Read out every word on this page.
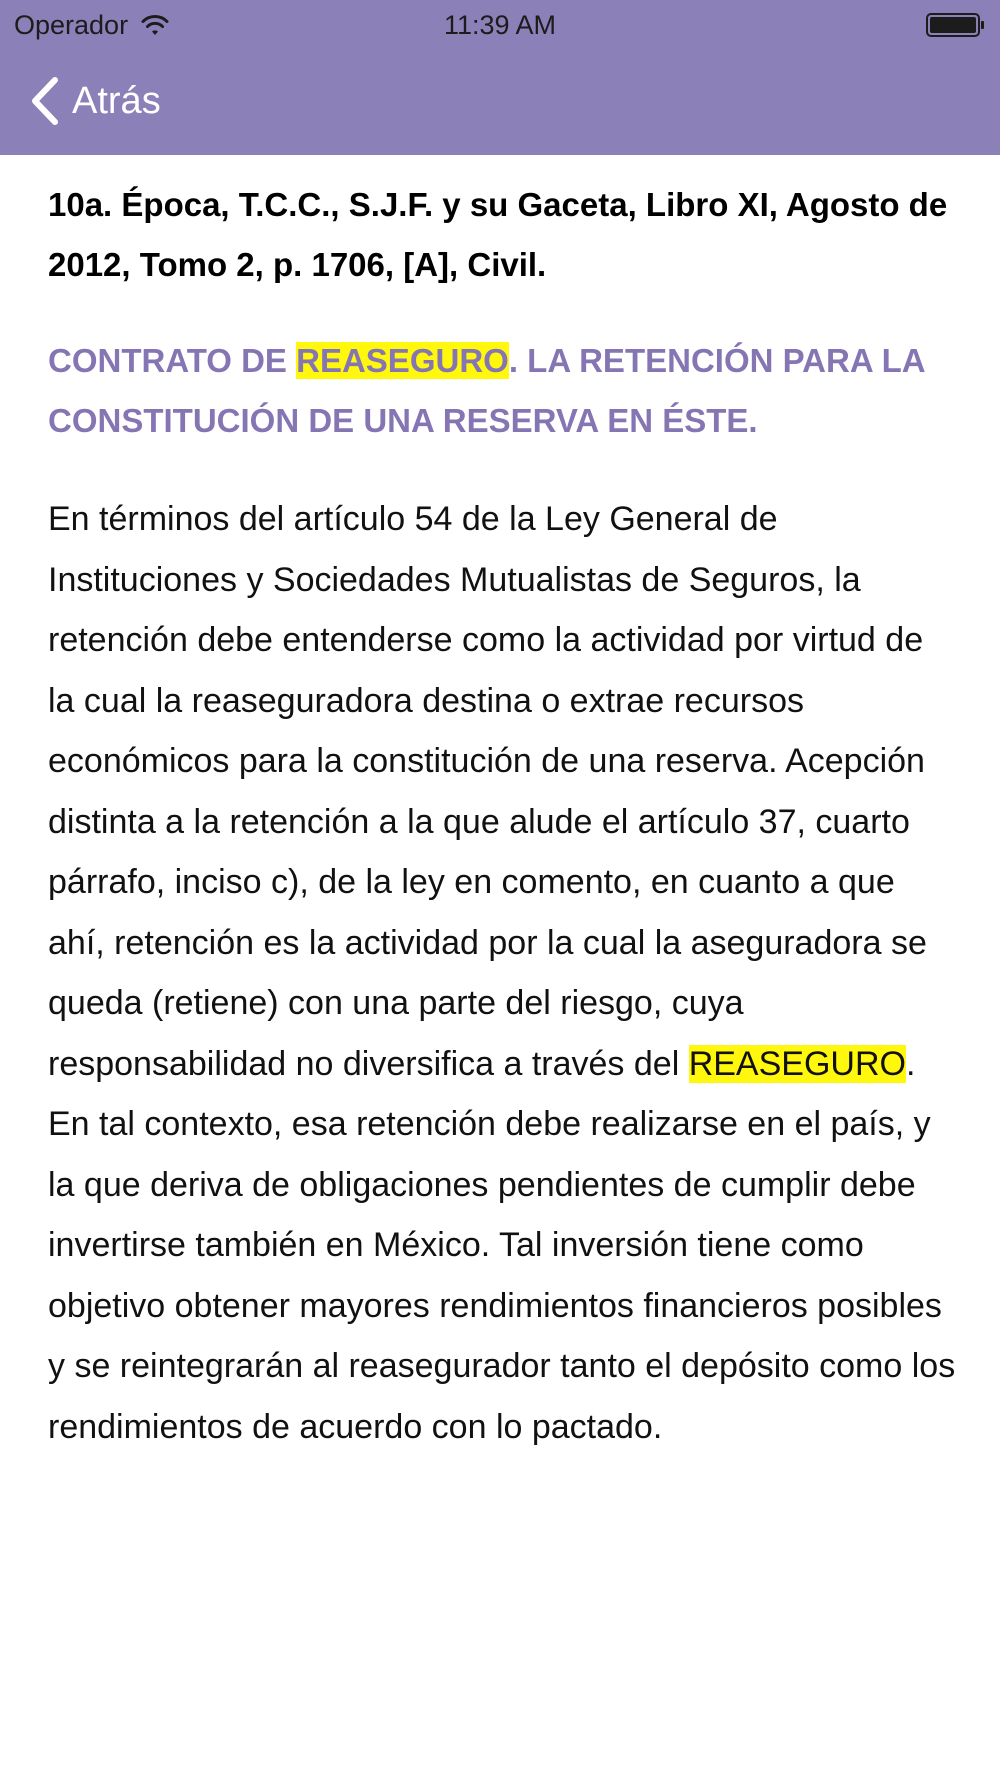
Operador	11:39 AM
Atrás

10a. Época, T.C.C., S.J.F. y su Gaceta, Libro XI, Agosto de 2012, Tomo 2, p. 1706, [A], Civil.

CONTRATO DE REASEGURO. LA RETENCIÓN PARA LA CONSTITUCIÓN DE UNA RESERVA EN ÉSTE.

En términos del artículo 54 de la Ley General de Instituciones y Sociedades Mutualistas de Seguros, la retención debe entenderse como la actividad por virtud de la cual la reaseguradora destina o extrae recursos económicos para la constitución de una reserva. Acepción distinta a la retención a la que alude el artículo 37, cuarto párrafo, inciso c), de la ley en comento, en cuanto a que ahí, retención es la actividad por la cual la aseguradora se queda (retiene) con una parte del riesgo, cuya responsabilidad no diversifica a través del REASEGURO. En tal contexto, esa retención debe realizarse en el país, y la que deriva de obligaciones pendientes de cumplir debe invertirse también en México. Tal inversión tiene como objetivo obtener mayores rendimientos financieros posibles y se reintegrarán al reasegurador tanto el depósito como los rendimientos de acuerdo con lo pactado.
